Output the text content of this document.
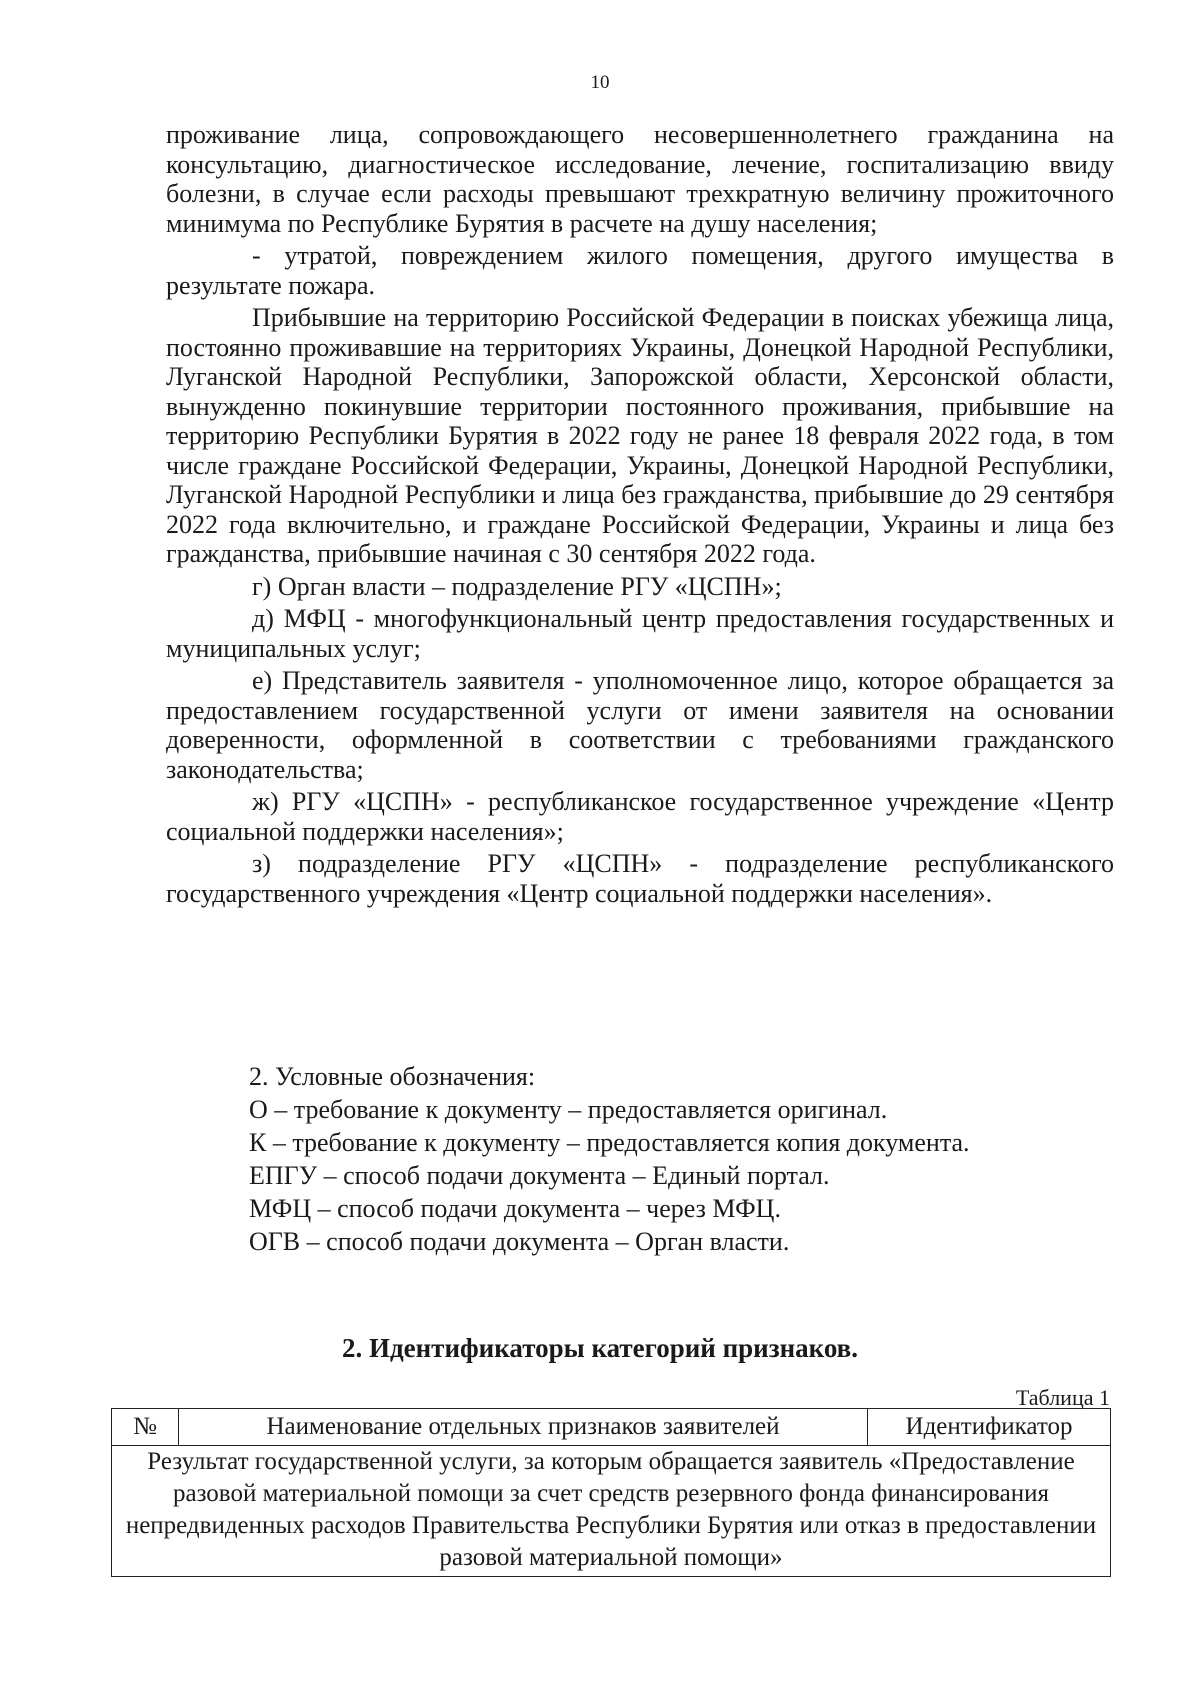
10

проживание лица, сопровождающего несовершеннолетнего гражданина на консультацию, диагностическое исследование, лечение, госпитализацию ввиду болезни, в случае если расходы превышают трехкратную величину прожиточного минимума по Республике Бурятия в расчете на душу населения;

- утратой, повреждением жилого помещения, другого имущества в результате пожара.

Прибывшие на территорию Российской Федерации в поисках убежища лица, постоянно проживавшие на территориях Украины, Донецкой Народной Республики, Луганской Народной Республики, Запорожской области, Херсонской области, вынужденно покинувшие территории постоянного проживания, прибывшие на территорию Республики Бурятия в 2022 году не ранее 18 февраля 2022 года, в том числе граждане Российской Федерации, Украины, Донецкой Народной Республики, Луганской Народной Республики и лица без гражданства, прибывшие до 29 сентября 2022 года включительно, и граждане Российской Федерации, Украины и лица без гражданства, прибывшие начиная с 30 сентября 2022 года.

г) Орган власти – подразделение РГУ «ЦСПН»;

д) МФЦ - многофункциональный центр предоставления государственных и муниципальных услуг;

е) Представитель заявителя - уполномоченное лицо, которое обращается за предоставлением государственной услуги от имени заявителя на основании доверенности, оформленной в соответствии с требованиями гражданского законодательства;

ж) РГУ «ЦСПН» - республиканское государственное учреждение «Центр социальной поддержки населения»;

з) подразделение РГУ «ЦСПН» - подразделение республиканского государственного учреждения «Центр социальной поддержки населения».

2. Условные обозначения:

О – требование к документу – предоставляется оригинал.

К – требование к документу – предоставляется копия документа.

ЕПГУ – способ подачи документа – Единый портал.

МФЦ – способ подачи документа – через МФЦ.

ОГВ – способ подачи документа – Орган власти.

2. Идентификаторы категорий признаков.
Таблица 1
№	Наименование отдельных признаков заявителей	Идентификатор
Результат государственной услуги, за которым обращается заявитель «Предоставление разовой материальной помощи за счет средств резервного фонда финансирования непредвиденных расходов Правительства Республики Бурятия или отказ в предоставлении разовой материальной помощи»
